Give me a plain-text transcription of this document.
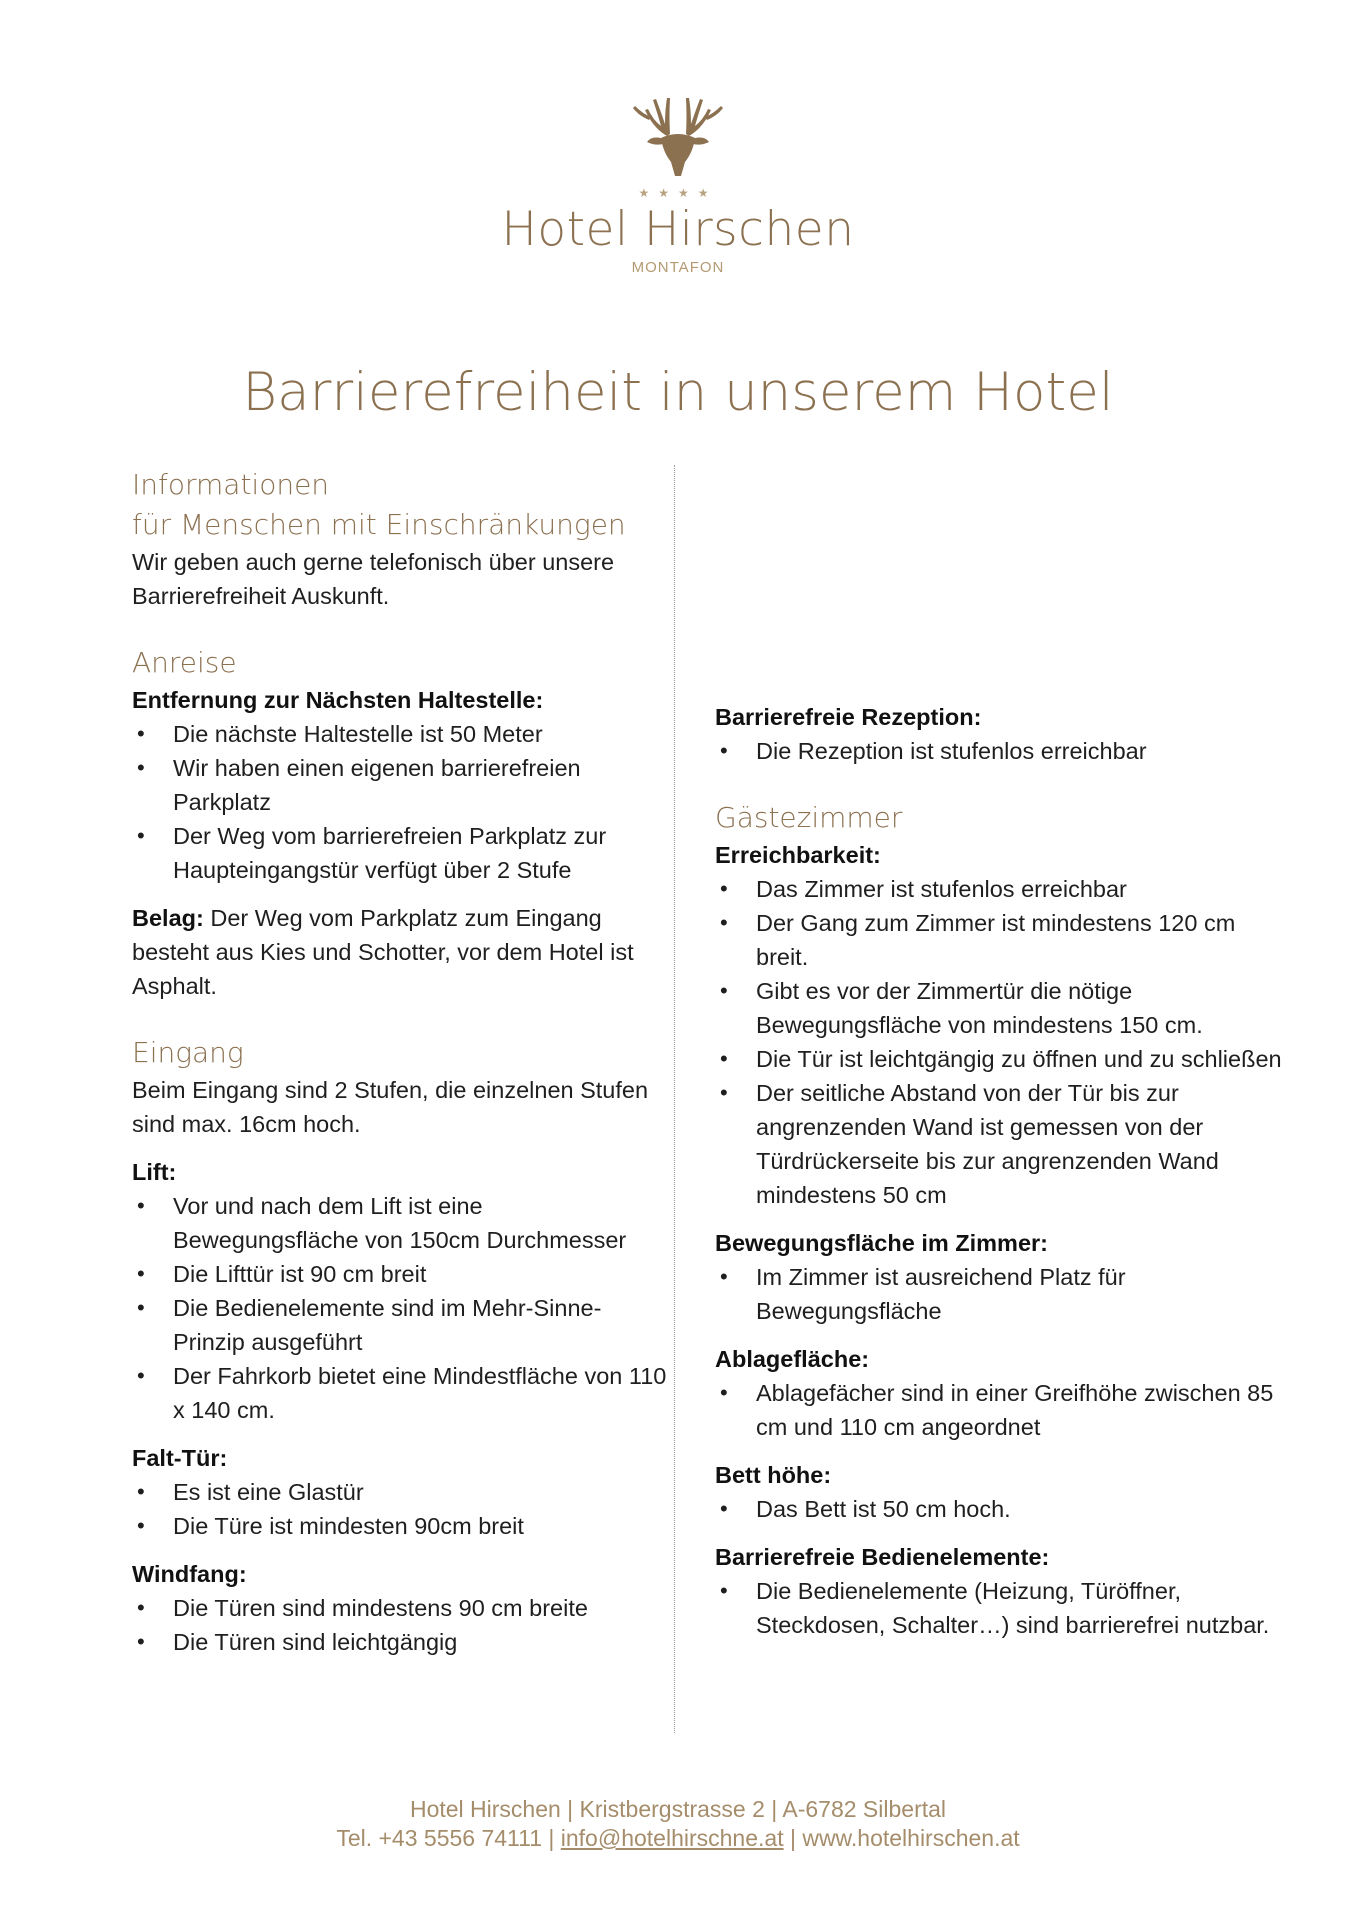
★★★★
Hotel Hirschen
MONTAFON
Barrierefreiheit in unserem Hotel
Informationen
für Menschen mit Einschränkungen

Wir geben auch gerne telefonisch über unsere Barrierefreiheit Auskunft.

Anreise
Entfernung zur Nächsten Haltestelle:
• Die nächste Haltestelle ist 50 Meter
• Wir haben einen eigenen barrierefreien Parkplatz
• Der Weg vom barrierefreien Parkplatz zur Haupteingangstür verfügt über 2 Stufe

Belag: Der Weg vom Parkplatz zum Eingang besteht aus Kies und Schotter, vor dem Hotel ist Asphalt.

Eingang

Beim Eingang sind 2 Stufen, die einzelnen Stufen sind max. 16cm hoch.

Lift:
• Vor und nach dem Lift ist eine Bewegungsfläche von 150cm Durchmesser
• Die Lifttür ist 90 cm breit
• Die Bedienelemente sind im Mehr-Sinne-Prinzip ausgeführt
• Der Fahrkorb bietet eine Mindestfläche von 110 x 140 cm.
Falt-Tür:
• Es ist eine Glastür
• Die Türe ist mindesten 90cm breit
Windfang:
• Die Türen sind mindestens 90 cm breite
• Die Türen sind leichtgängig
Barrierefreie Rezeption:
• Die Rezeption ist stufenlos erreichbar
Gästezimmer
Erreichbarkeit:
• Das Zimmer ist stufenlos erreichbar
• Der Gang zum Zimmer ist mindestens 120 cm breit.
• Gibt es vor der Zimmertür die nötige Bewegungsfläche von mindestens 150 cm.
• Die Tür ist leichtgängig zu öffnen und zu schließen
• Der seitliche Abstand von der Tür bis zur angrenzenden Wand ist gemessen von der Türdrückerseite bis zur angrenzenden Wand mindestens 50 cm
Bewegungsfläche im Zimmer:
• Im Zimmer ist ausreichend Platz für Bewegungsfläche
Ablagefläche:
• Ablagefächer sind in einer Greifhöhe zwischen 85 cm und 110 cm angeordnet
Bett höhe:
• Das Bett ist 50 cm hoch.
Barrierefreie Bedienelemente:
• Die Bedienelemente (Heizung, Türöffner, Steckdosen, Schalter…) sind barrierefrei nutzbar.
Hotel Hirschen | Kristbergstrasse 2 | A-6782 Silbertal
Tel. +43 5556 74111 | info@hotelhirschne.at | www.hotelhirschen.at
